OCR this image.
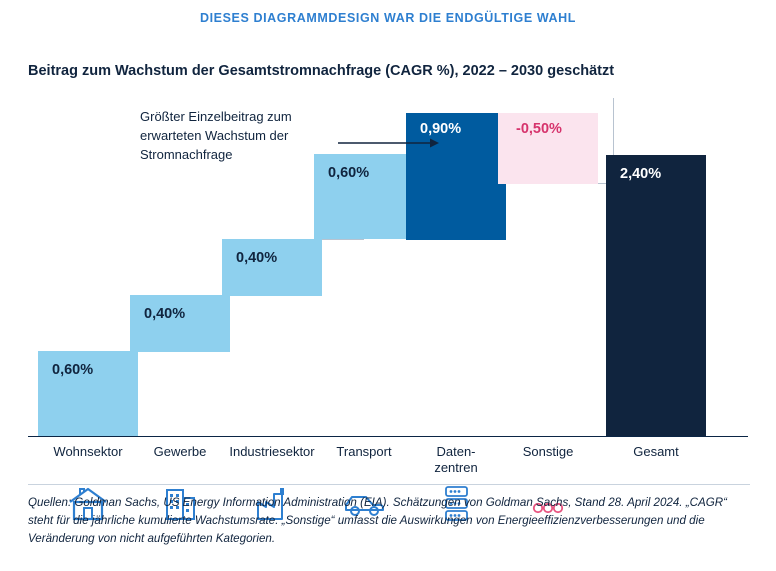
DIESES DIAGRAMMDESIGN WAR DIE ENDGÜLTIGE WAHL
Beitrag zum Wachstum der Gesamtstromnachfrage (CAGR %), 2022 – 2030 geschätzt
0,60%
0,40%
0,40%
0,60%
0,90%	-0,50%
2,40%
Größter Einzelbeitrag zum erwarteten Wachstum der Stromnachfrage
Wohnsektor	Gewerbe	Industriesektor	Transport	Daten-
zentren
Sonstige	Gesamt
Quellen: Goldman Sachs, US Energy Information Administration (EIA). Schätzungen von Goldman Sachs, Stand 28. April 2024. „CAGR“ steht für die jährliche kumulierte Wachstumsrate. „Sonstige“ umfasst die Auswirkungen von Energieeffizienzverbesserungen und die Veränderung von nicht aufgeführten Kategorien.
